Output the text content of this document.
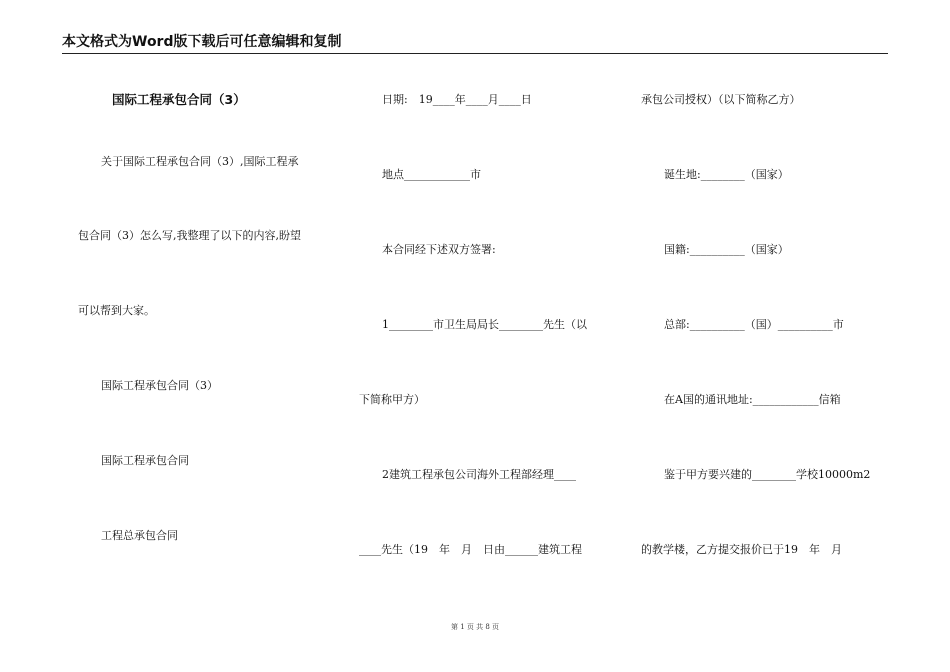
本文格式为Word版下载后可任意编辑和复制
国际工程承包合同（3）
关于国际工程承包合同（3）,国际工程承
包合同（3）怎么写,我整理了以下的内容,盼望
可以帮到大家。
国际工程承包合同（3）
国际工程承包合同
工程总承包合同
日期:　19____年____月____日
地点____________市
本合同经下述双方签署:
1________市卫生局局长________先生（以
下简称甲方）
2建筑工程承包公司海外工程部经理____
____先生（19　年　月　日由______建筑工程
承包公司授权）（以下简称乙方）
诞生地:________（国家）
国籍:__________（国家）
总部:__________（国）__________市
在A国的通讯地址:____________信箱
鉴于甲方要兴建的________学校10000m2
的教学楼，乙方提交报价已于19　年　月
第 1 页 共 8 页
